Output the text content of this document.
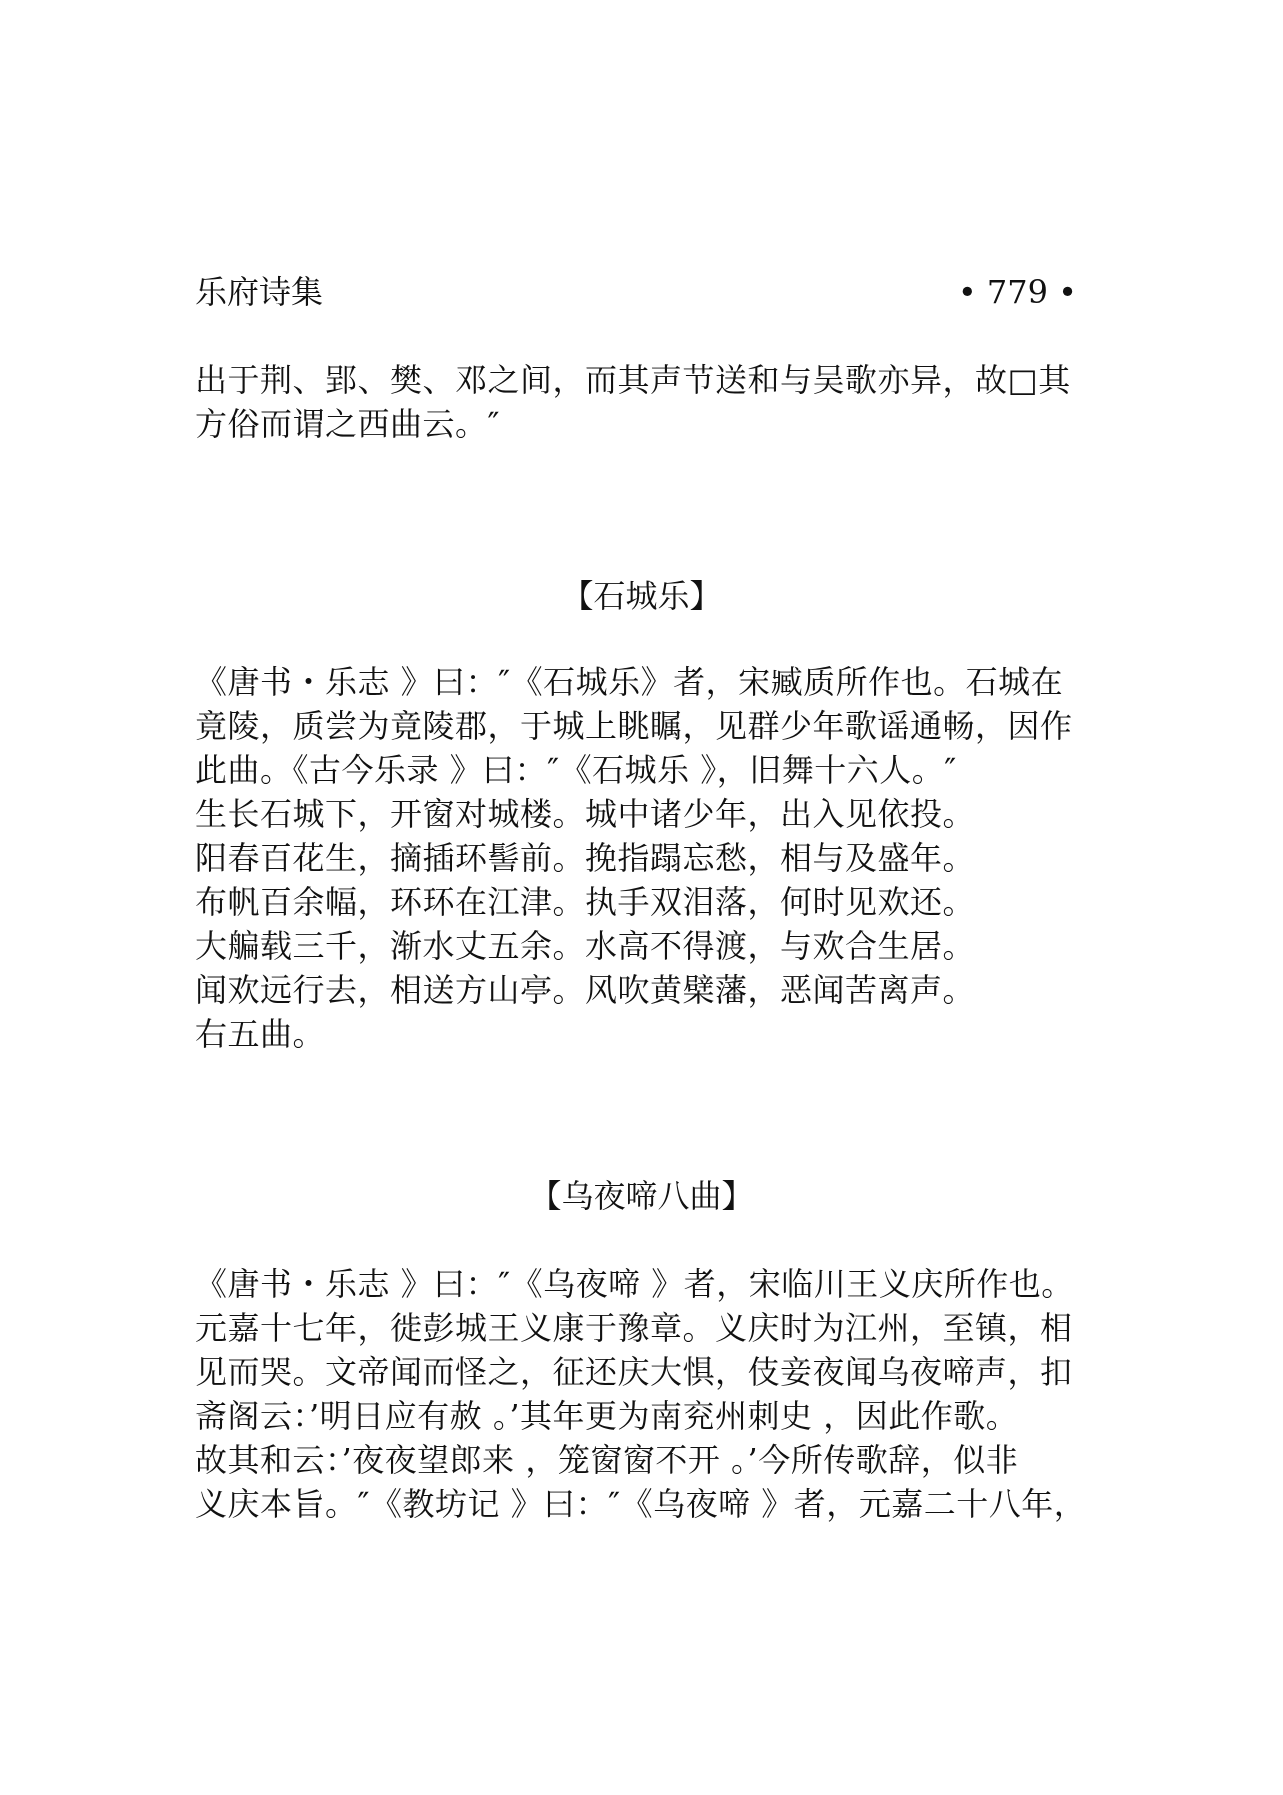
乐府诗集	• 779 •
出于荆、郢、樊、邓之间，而其声节送和与吴歌亦异，故□其
方俗而谓之西曲云。″
【石城乐】
《唐书・乐志 》曰：″《石城乐》者，宋臧质所作也。石城在
竟陵，质尝为竟陵郡，于城上眺瞩，见群少年歌谣通畅，因作
此曲。《古今乐录 》曰：″《石城乐 》，旧舞十六人。″
生长石城下，开窗对城楼。城中诸少年，出入见依投。
阳春百花生，摘插环髻前。挽指蹋忘愁，相与及盛年。
布帆百余幅，环环在江津。执手双泪落，何时见欢还。
大艑载三千，渐水丈五余。水高不得渡，与欢合生居。
闻欢远行去，相送方山亭。风吹黄檗藩，恶闻苦离声。
右五曲。
【乌夜啼八曲】
《唐书・乐志 》曰：″《乌夜啼 》者，宋临川王义庆所作也。
元嘉十七年，徙彭城王义康于豫章。义庆时为江州，至镇，相
见而哭。文帝闻而怪之，征还庆大惧，伎妾夜闻乌夜啼声，扣
斋阁云：’明日应有赦 。’其年更为南兖州刺史 ，因此作歌。
故其和云：’夜夜望郎来 ，笼窗窗不开 。’今所传歌辞，似非
义庆本旨。″《教坊记 》曰：″《乌夜啼 》者，元嘉二十八年，
